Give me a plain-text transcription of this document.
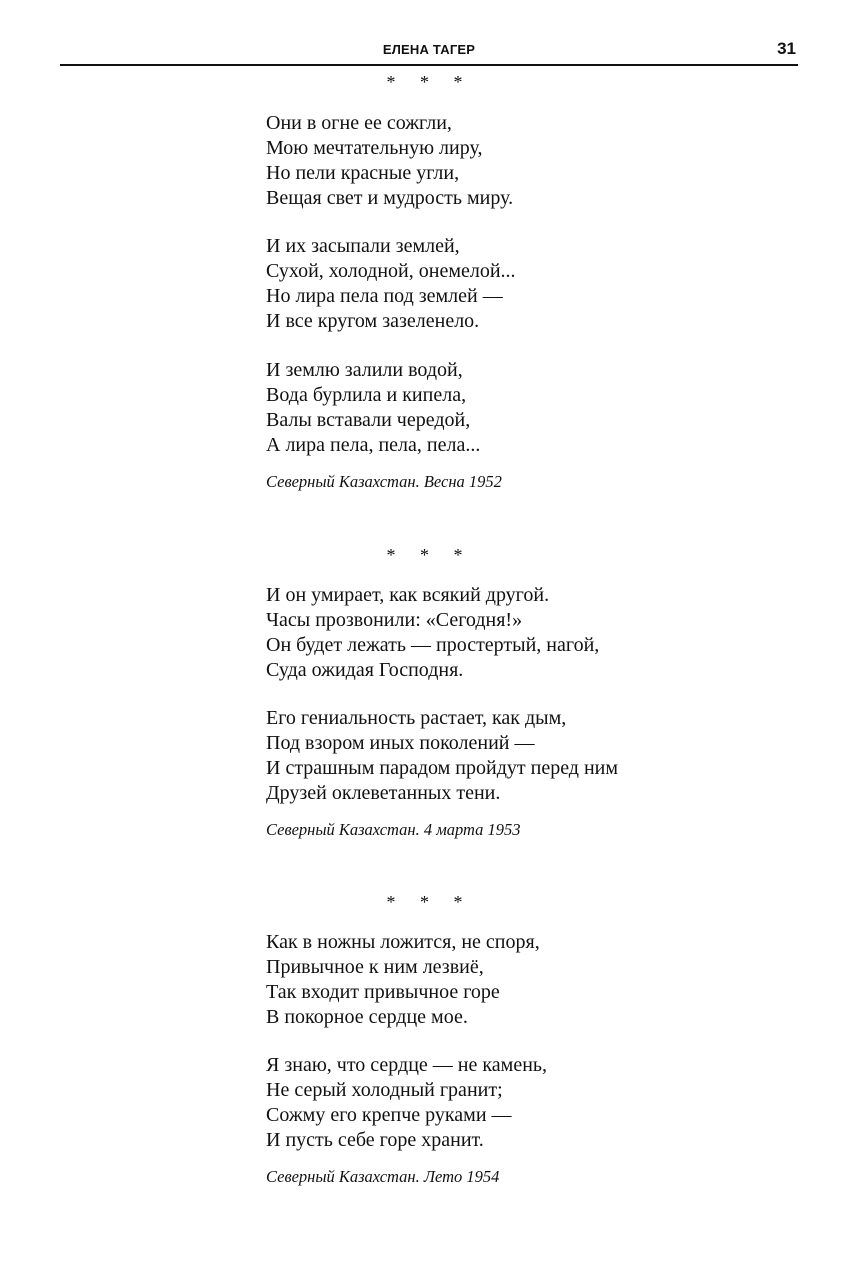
ЕЛЕНА ТАГЕР	31
* * *
Они в огне ее сожгли,
Мою мечтательную лиру,
Но пели красные угли,
Вещая свет и мудрость миру.
И их засыпали землей,
Сухой, холодной, онемелой...
Но лира пела под землей —
И все кругом зазеленело.
И землю залили водой,
Вода бурлила и кипела,
Валы вставали чередой,
А лира пела, пела, пела...
Северный Казахстан. Весна 1952
* * *
И он умирает, как всякий другой.
Часы прозвонили: «Сегодня!»
Он будет лежать — простертый, нагой,
Суда ожидая Господня.
Его гениальность растает, как дым,
Под взором иных поколений —
И страшным парадом пройдут перед ним
Друзей оклеветанных тени.
Северный Казахстан. 4 марта 1953
* * *
Как в ножны ложится, не споря,
Привычное к ним лезвиё,
Так входит привычное горе
В покорное сердце мое.
Я знаю, что сердце — не камень,
Не серый холодный гранит;
Сожму его крепче руками —
И пусть себе горе хранит.
Северный Казахстан. Лето 1954
